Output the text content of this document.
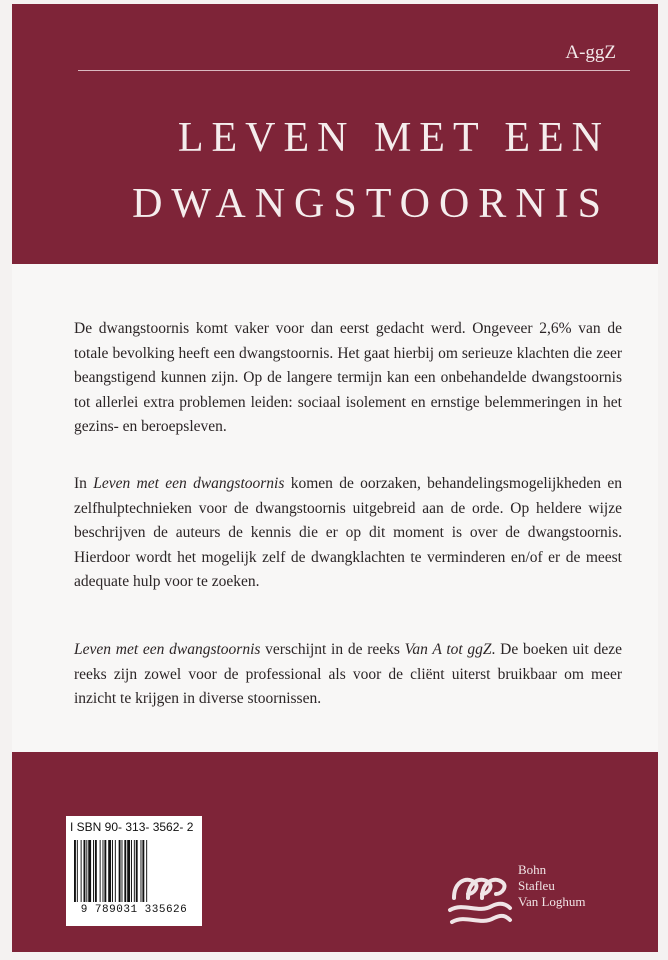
A-ggZ
LEVEN MET EEN
DWANGSTOORNIS
De dwangstoornis komt vaker voor dan eerst gedacht werd. Ongeveer 2,6% van de totale bevolking heeft een dwangstoornis. Het gaat hierbij om serieuze klachten die zeer beangstigend kunnen zijn. Op de langere termijn kan een onbehandelde dwangstoornis tot allerlei extra problemen leiden: sociaal isolement en ernstige belemmeringen in het gezins- en beroepsleven.
In Leven met een dwangstoornis komen de oorzaken, behandelingsmogelijkheden en zelfhulptechnieken voor de dwangstoornis uitgebreid aan de orde. Op heldere wijze beschrijven de auteurs de kennis die er op dit moment is over de dwangstoornis. Hierdoor wordt het mogelijk zelf de dwangklachten te verminderen en/of er de meest adequate hulp voor te zoeken.
Leven met een dwangstoornis verschijnt in de reeks Van A tot ggZ. De boeken uit deze reeks zijn zowel voor de professional als voor de cliënt uiterst bruikbaar om meer inzicht te krijgen in diverse stoornissen.
I SBN 90- 313- 3562- 2
9 789031 335626
Bohn
Stafleu
Van Loghum
